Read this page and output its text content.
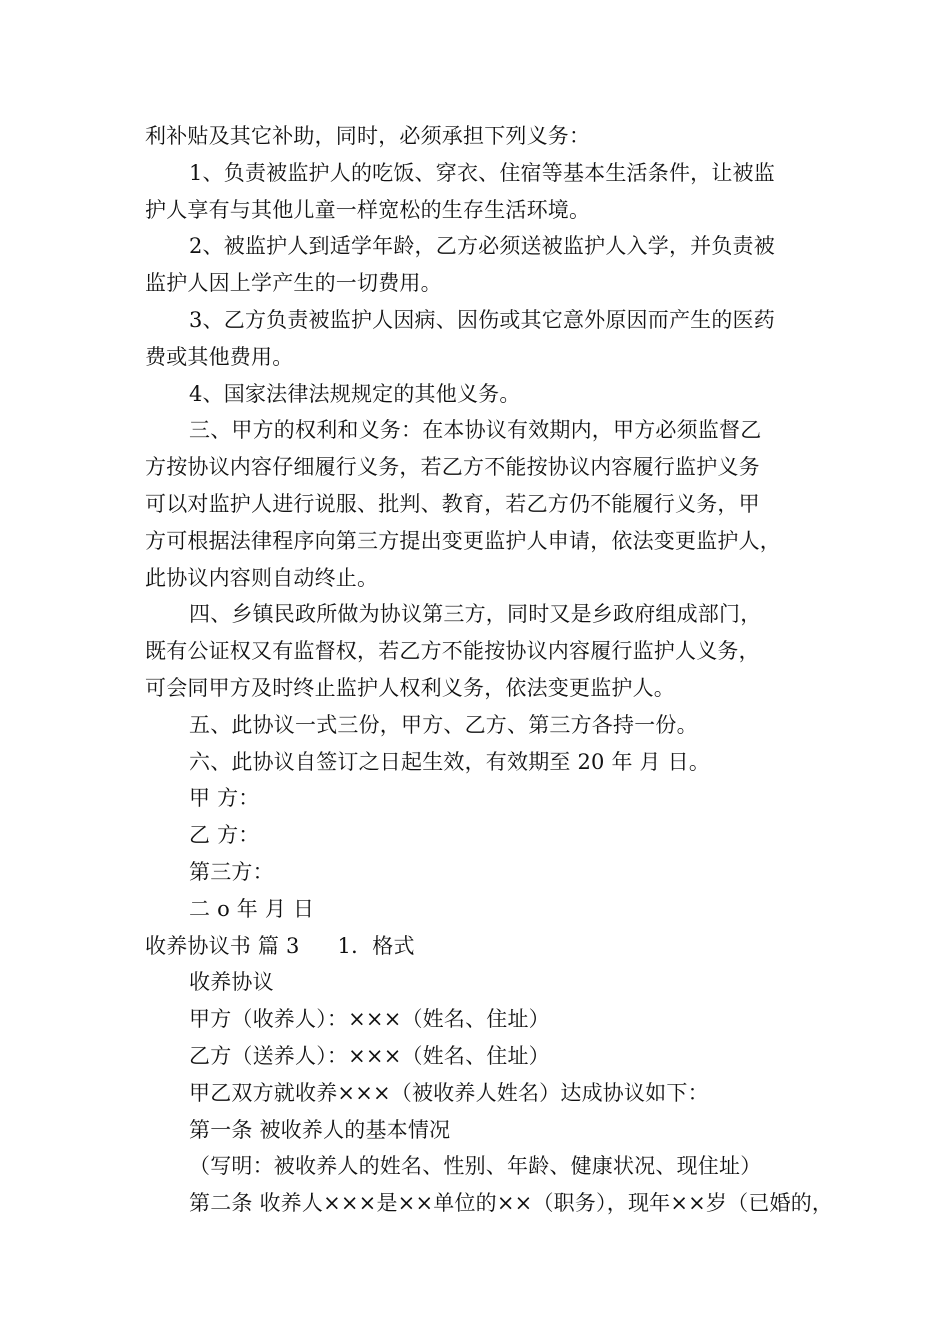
利补贴及其它补助，同时，必须承担下列义务：
1、负责被监护人的吃饭、穿衣、住宿等基本生活条件，让被监
护人享有与其他儿童一样宽松的生存生活环境。
2、被监护人到适学年龄，乙方必须送被监护人入学，并负责被
监护人因上学产生的一切费用。
3、乙方负责被监护人因病、因伤或其它意外原因而产生的医药
费或其他费用。
4、国家法律法规规定的其他义务。
三、甲方的权利和义务：在本协议有效期内，甲方必须监督乙
方按协议内容仔细履行义务，若乙方不能按协议内容履行监护义务
可以对监护人进行说服、批判、教育，若乙方仍不能履行义务，甲
方可根据法律程序向第三方提出变更监护人申请，依法变更监护人，
此协议内容则自动终止。
四、乡镇民政所做为协议第三方，同时又是乡政府组成部门，
既有公证权又有监督权，若乙方不能按协议内容履行监护人义务，
可会同甲方及时终止监护人权利义务，依法变更监护人。
五、此协议一式三份，甲方、乙方、第三方各持一份。
六、此协议自签订之日起生效，有效期至 20 年 月 日。
甲 方：
乙 方：
第三方：
二 o 年 月 日
收养协议书 篇 3 1．格式
收养协议
甲方（收养人）：×××（姓名、住址）
乙方（送养人）：×××（姓名、住址）
甲乙双方就收养×××（被收养人姓名）达成协议如下：
第一条 被收养人的基本情况
（写明：被收养人的姓名、性别、年龄、健康状况、现住址）
第二条 收养人×××是××单位的××（职务），现年××岁（已婚的，
